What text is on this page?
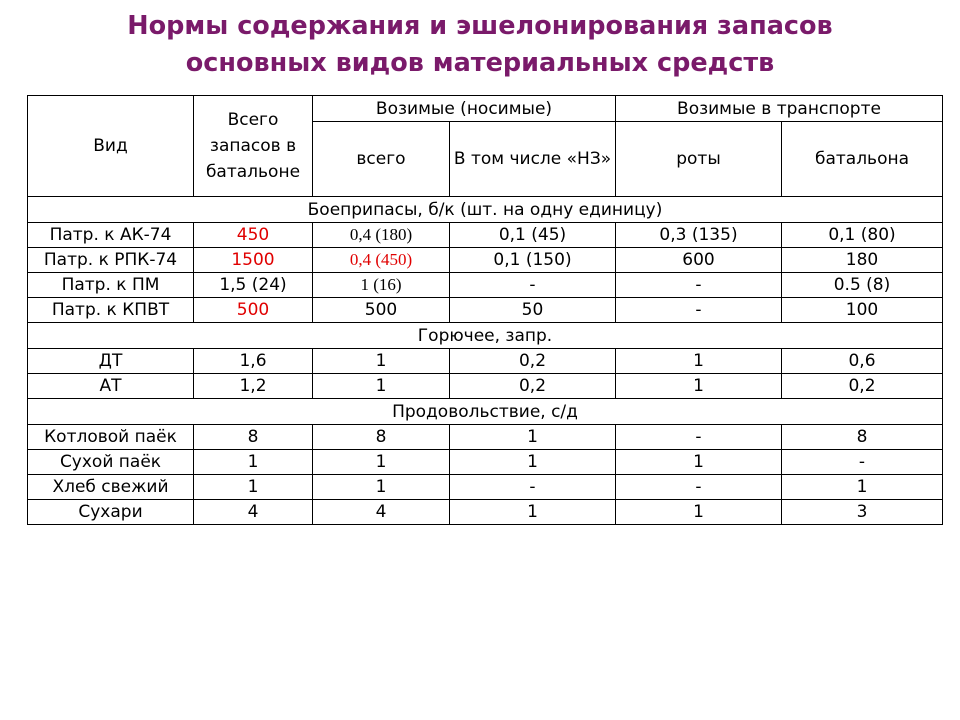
Нормы содержания и эшелонирования запасов
основных видов материальных средств
Вид	Всего запасов в батальоне	Возимые (носимые)		Возимые в транспорте	
		всего	В том числе «НЗ»	роты	батальона
Боеприпасы, б/к (шт. на одну единицу)					
Патр. к АК-74	450	0,4 (180)	0,1 (45)	0,3 (135)	0,1 (80)
Патр. к РПК-74	1500	0,4 (450)	0,1 (150)	600	180
Патр. к ПМ	1,5 (24)	1 (16)	-	-	0.5 (8)
Патр. к КПВТ	500	500	50	-	100
Горючее, запр.					
ДТ	1,6	1	0,2	1	0,6
АТ	1,2	1	0,2	1	0,2
Продовольствие, с/д					
Котловой паёк	8	8	1	-	8
Сухой паёк	1	1	1	1	-
Хлеб свежий	1	1	-	-	1
Сухари	4	4	1	1	3
